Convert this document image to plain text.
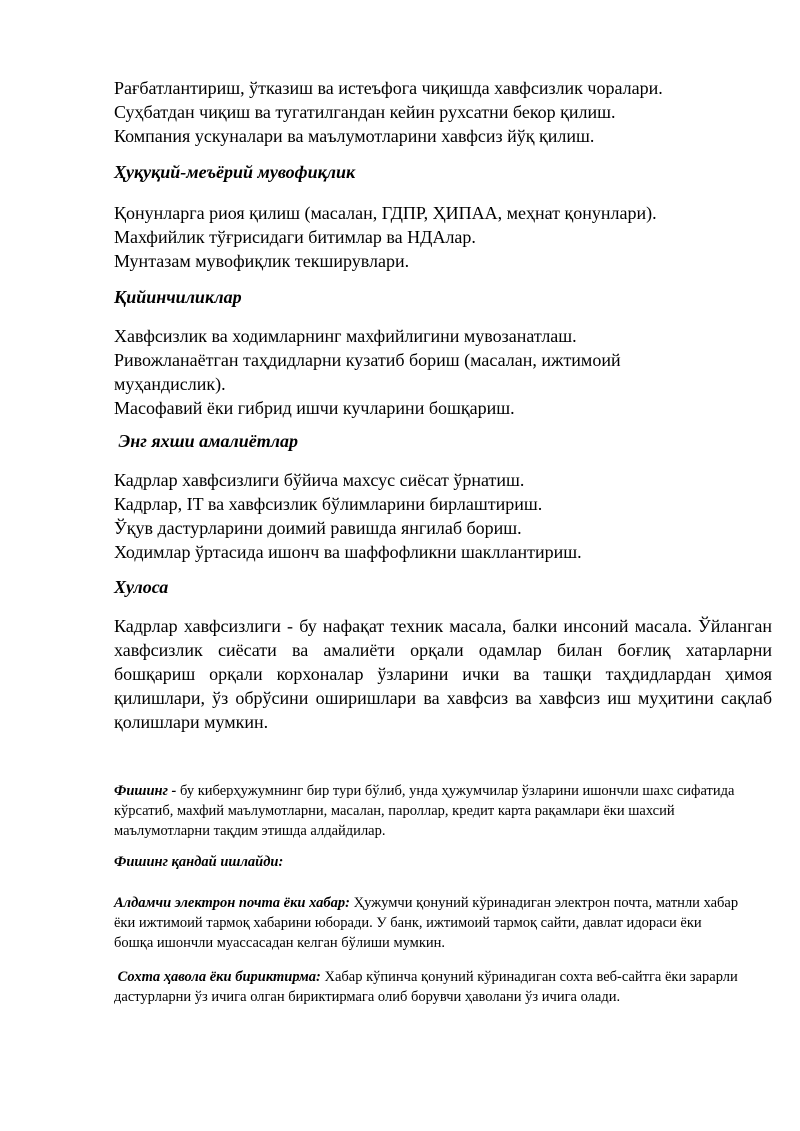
Рағбатлантириш, ўтказиш ва истеъфога чиқишда хавфсизлик чоралари.
Суҳбатдан чиқиш ва тугатилгандан кейин рухсатни бекор қилиш.
Компания ускуналари ва маълумотларини хавфсиз йўқ қилиш.
Ҳуқуқий-меъёрий мувофиқлик
Қонунларга риоя қилиш (масалан, ГДПР, ҲИПАА, меҳнат қонунлари).
Махфийлик тўғрисидаги битимлар ва НДАлар.
Мунтазам мувофиқлик текширувлари.
Қийинчиликлар
Хавфсизлик ва ходимларнинг махфийлигини мувозанатлаш.
Ривожланаётган таҳдидларни кузатиб бориш (масалан, ижтимоий
муҳандислик).
Масофавий ёки гибрид ишчи кучларини бошқариш.
Энг яхши амалиётлар
Кадрлар хавфсизлиги бўйича махсус сиёсат ўрнатиш.
Кадрлар, IT ва хавфсизлик бўлимларини бирлаштириш.
Ўқув дастурларини доимий равишда янгилаб бориш.
Ходимлар ўртасида ишонч ва шаффофликни шакллантириш.
Хулоса
Кадрлар хавфсизлиги - бу нафақат техник масала, балки инсоний масала. Ўйланган хавфсизлик сиёсати ва амалиёти орқали одамлар билан боғлиқ хатарларни бошқариш орқали корхоналар ўзларини ички ва ташқи таҳдидлардан ҳимоя қилишлари, ўз обрўсини оширишлари ва хавфсиз ва хавфсиз иш муҳитини сақлаб қолишлари мумкин.
Фишинг - бу киберҳужумнинг бир тури бўлиб, унда ҳужумчилар ўзларини ишончли шахс сифатида кўрсатиб, махфий маълумотларни, масалан, пароллар, кредит карта рақамлари ёки шахсий маълумотларни тақдим этишда алдайдилар.
Фишинг қандай ишлайди:
Алдамчи электрон почта ёки хабар: Ҳужумчи қонуний кўринадиган электрон почта, матнли хабар ёки ижтимоий тармоқ хабарини юборади. У банк, ижтимоий тармоқ сайти, давлат идораси ёки бошқа ишончли муассасадан келган бўлиши мумкин.
Сохта ҳавола ёки бириктирма: Хабар кўпинча қонуний кўринадиган сохта веб-сайтга ёки зарарли дастурларни ўз ичига олган бириктирмага олиб борувчи ҳаволани ўз ичига олади.
